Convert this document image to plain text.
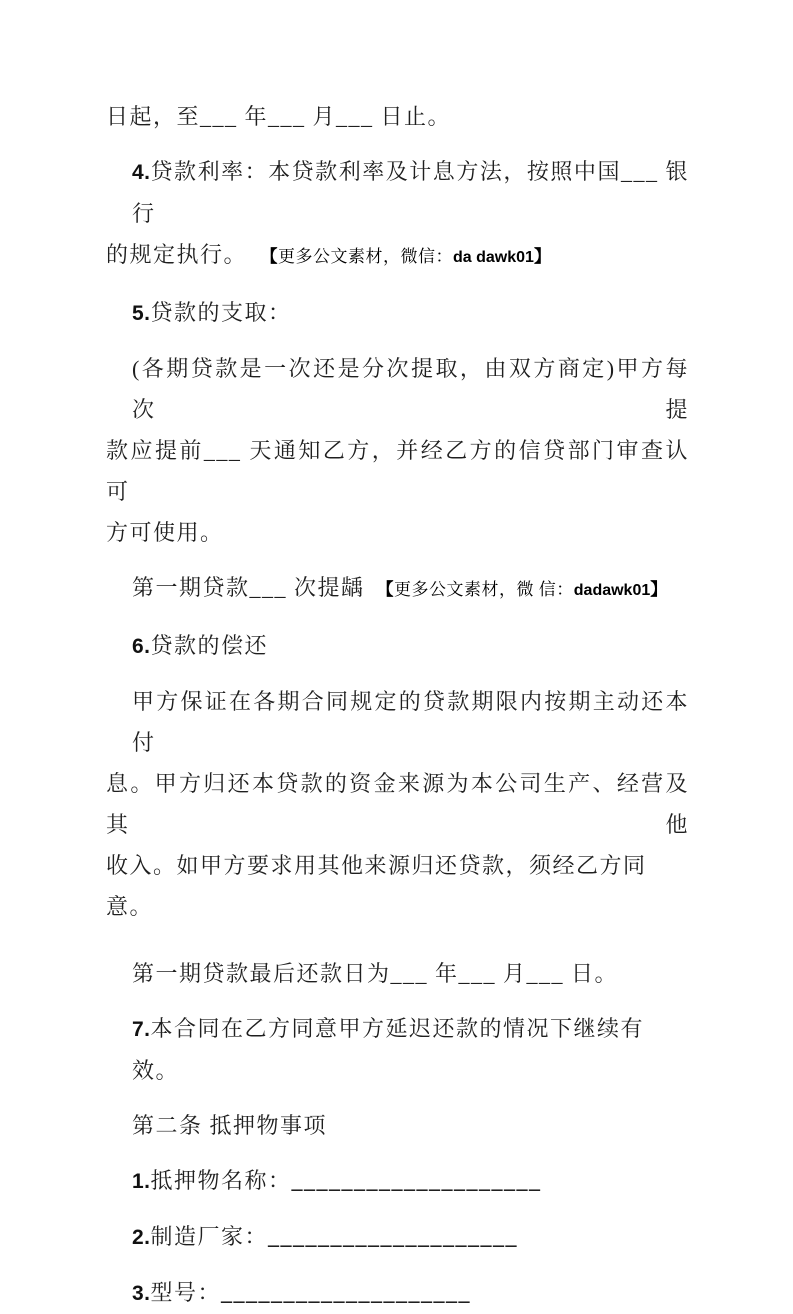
日起，至___ 年___ 月___ 日止。
4.贷款利率：本贷款利率及计息方法，按照中国___ 银行
的规定执行。 【更多公文素材，微信：da dawk01】
5.贷款的支取：
(各期贷款是一次还是分次提取，由双方商定)甲方每次提
款应提前___ 天通知乙方，并经乙方的信贷部门审查认可
方可使用。
第一期贷款___ 次提龋 【更多公文素材，微 信：dadawk01】
6.贷款的偿还
甲方保证在各期合同规定的贷款期限内按期主动还本付
息。甲方归还本贷款的资金来源为本公司生产、经营及其他
收入。如甲方要求用其他来源归还贷款，须经乙方同意。
第一期贷款最后还款日为___ 年___ 月___ 日。
7.本合同在乙方同意甲方延迟还款的情况下继续有效。
第二条 抵押物事项
1.抵押物名称：____________________
2.制造厂家：____________________
3.型号：____________________
